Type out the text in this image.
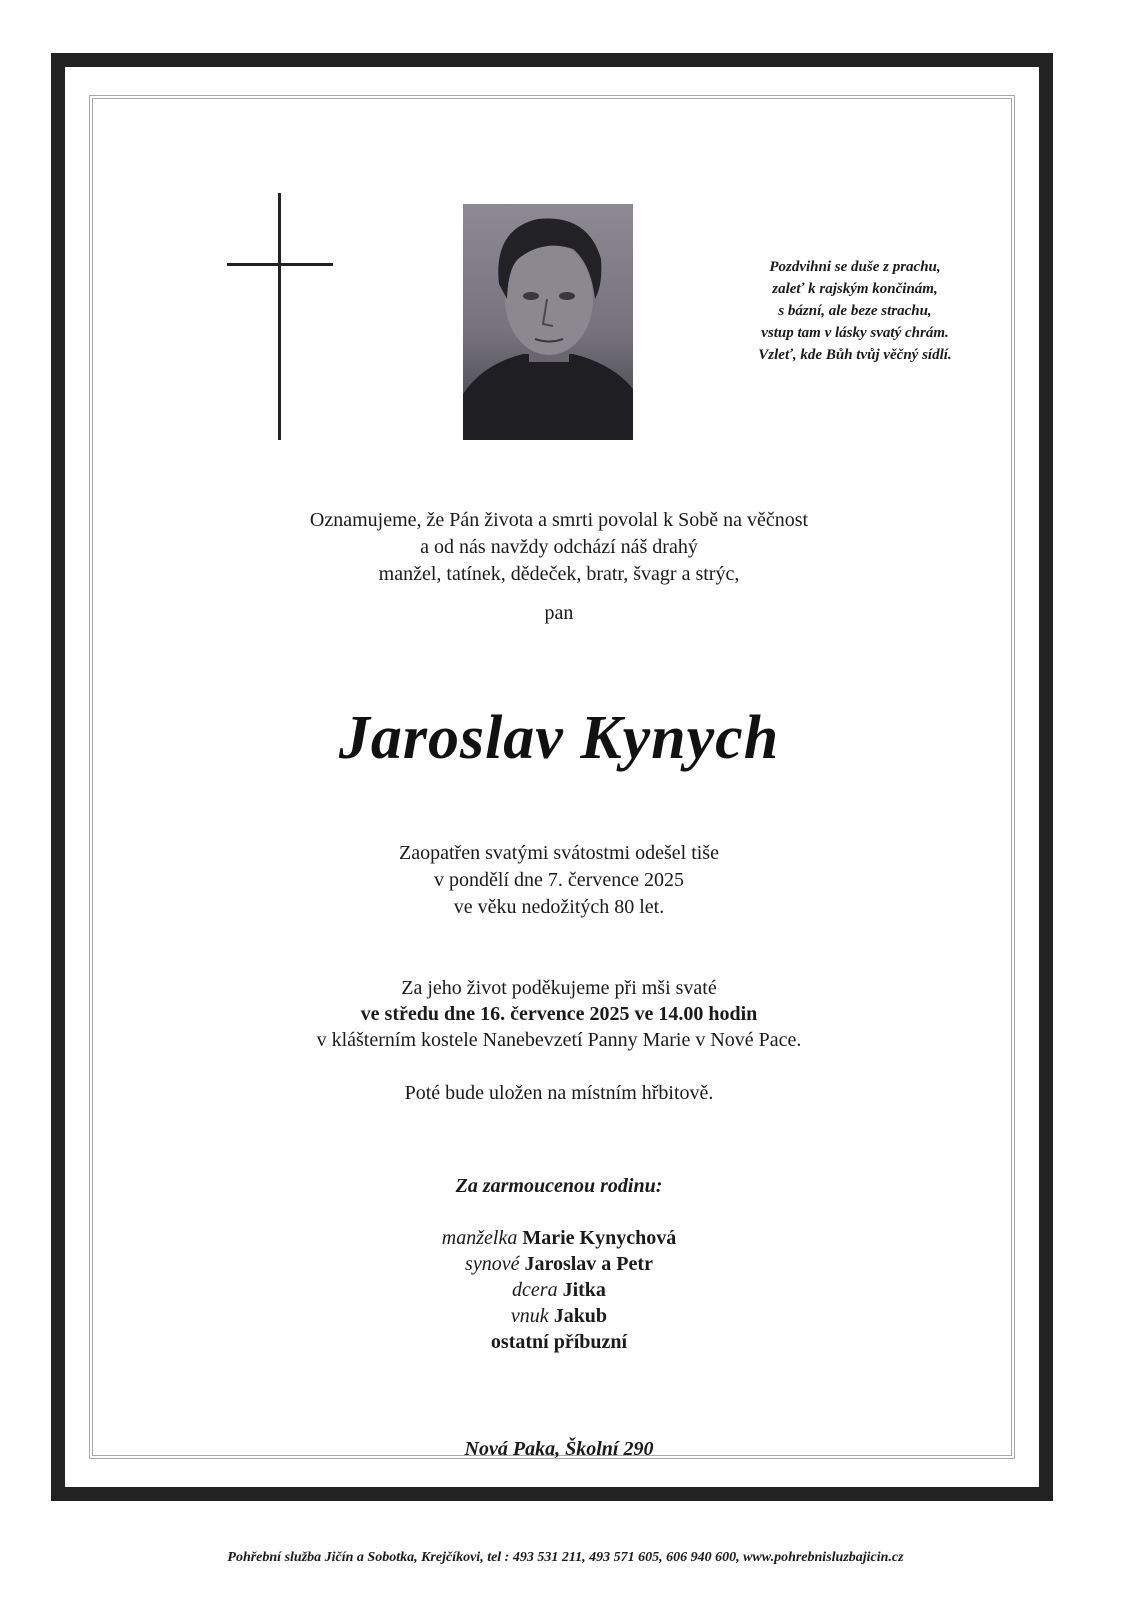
Pozdvihni se duše z prachu,
zaleť k rajským končinám,
s bázní, ale beze strachu,
vstup tam v lásky svatý chrám.
Vzleť, kde Bůh tvůj věčný sídlí.
Oznamujeme, že Pán života a smrti povolal k Sobě na věčnost
a od nás navždy odchází náš drahý
manžel, tatínek, dědeček, bratr, švagr a strýc,
pan
Jaroslav Kynych
Zaopatřen svatými svátostmi odešel tiše
v pondělí dne 7. července 2025
ve věku nedožitých 80 let.
Za jeho život poděkujeme při mši svaté
ve středu dne 16. července 2025 ve 14.00 hodin
v klášterním kostele Nanebevzetí Panny Marie v Nové Pace.
Poté bude uložen na místním hřbitově.
Za zarmoucenou rodinu:
manželka Marie Kynychová
synové Jaroslav a Petr
dcera Jitka
vnuk Jakub
ostatní příbuzní
Nová Paka, Školní 290
Pohřební služba Jičín a Sobotka, Krejčíkovi, tel : 493 531 211, 493 571 605, 606 940 600, www.pohrebnisluzbajicin.cz
